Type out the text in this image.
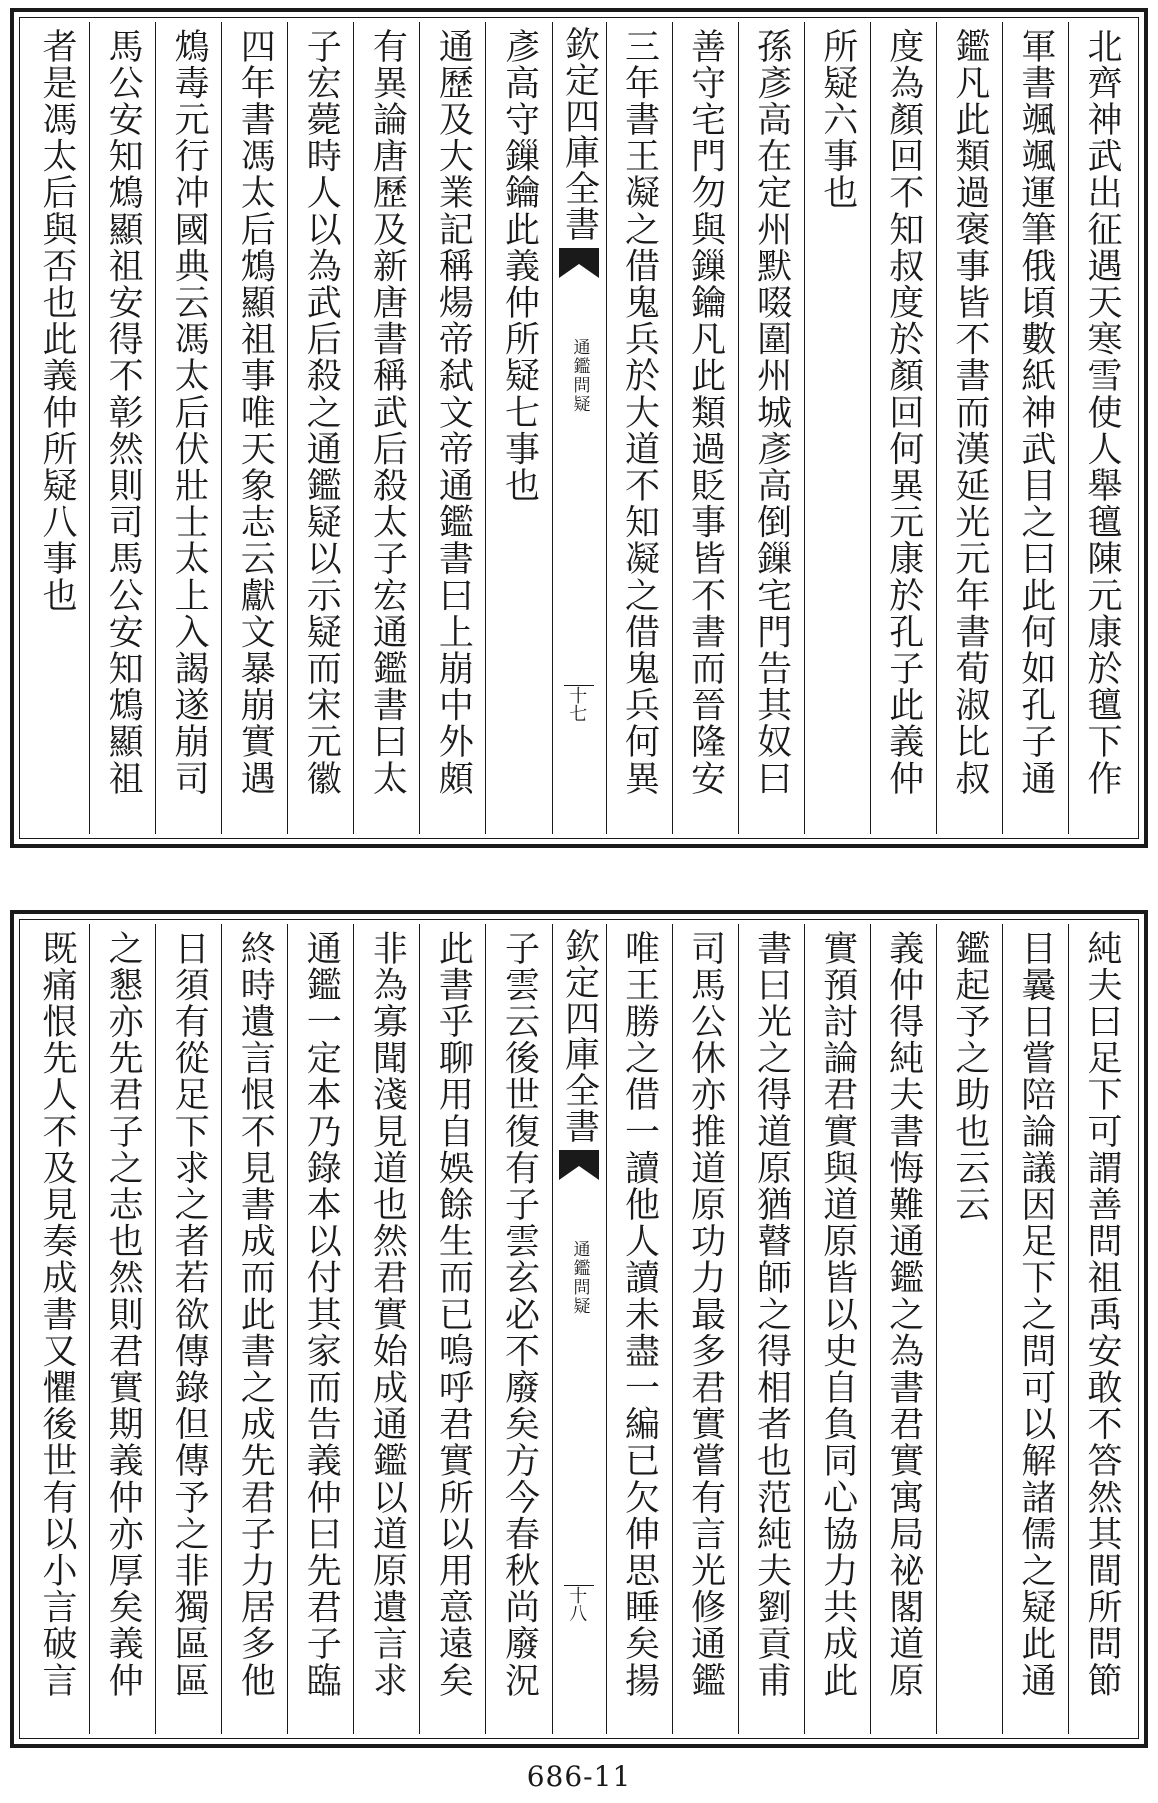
北齊神武出征遇天寒雪使人舉氊陳元康於氊下作
軍書颯颯運筆俄頃數紙神武目之曰此何如孔子通
鑑凡此類過褒事皆不書而漢延光元年書荀淑比叔
度為顏回不知叔度於顏回何異元康於孔子此義仲
所疑六事也
孫彥高在定州默啜圍州城彥高倒鏁宅門告其奴曰
善守宅門勿與鏁鑰凡此類過貶事皆不書而晉隆安
三年書王凝之借鬼兵於大道不知凝之借鬼兵何異
欽定四庫全書
通鑑問疑
十七
彥高守鏁鑰此義仲所疑七事也
通歷及大業記稱煬帝弑文帝通鑑書曰上崩中外頗
有異論唐歷及新唐書稱武后殺太子宏通鑑書曰太
子宏薨時人以為武后殺之通鑑疑以示疑而宋元徽
四年書馮太后鴆顯祖事唯天象志云獻文暴崩實遇
鴆毒元行冲國典云馮太后伏壯士太上入謁遂崩司
馬公安知鴆顯祖安得不彰然則司馬公安知鴆顯祖
者是馮太后與否也此義仲所疑八事也
純夫曰足下可謂善問祖禹安敢不答然其間所問節
目曩日嘗陪論議因足下之問可以解諸儒之疑此通
鑑起予之助也云云
義仲得純夫書悔難通鑑之為書君實寓局祕閣道原
實預討論君實與道原皆以史自負同心協力共成此
書曰光之得道原猶瞽師之得相者也范純夫劉貢甫
司馬公休亦推道原功力最多君實嘗有言光修通鑑
唯王勝之借一讀他人讀未盡一編已欠伸思睡矣揚
欽定四庫全書
通鑑問疑
十八
子雲云後世復有子雲玄必不廢矣方今春秋尚廢況
此書乎聊用自娛餘生而已嗚呼君實所以用意遠矣
非為寡聞淺見道也然君實始成通鑑以道原遺言求
通鑑一定本乃錄本以付其家而告義仲曰先君子臨
終時遺言恨不見書成而此書之成先君子力居多他
日須有從足下求之者若欲傳錄但傳予之非獨區區
之懇亦先君子之志也然則君實期義仲亦厚矣義仲
既痛恨先人不及見奏成書又懼後世有以小言破言
686-11
